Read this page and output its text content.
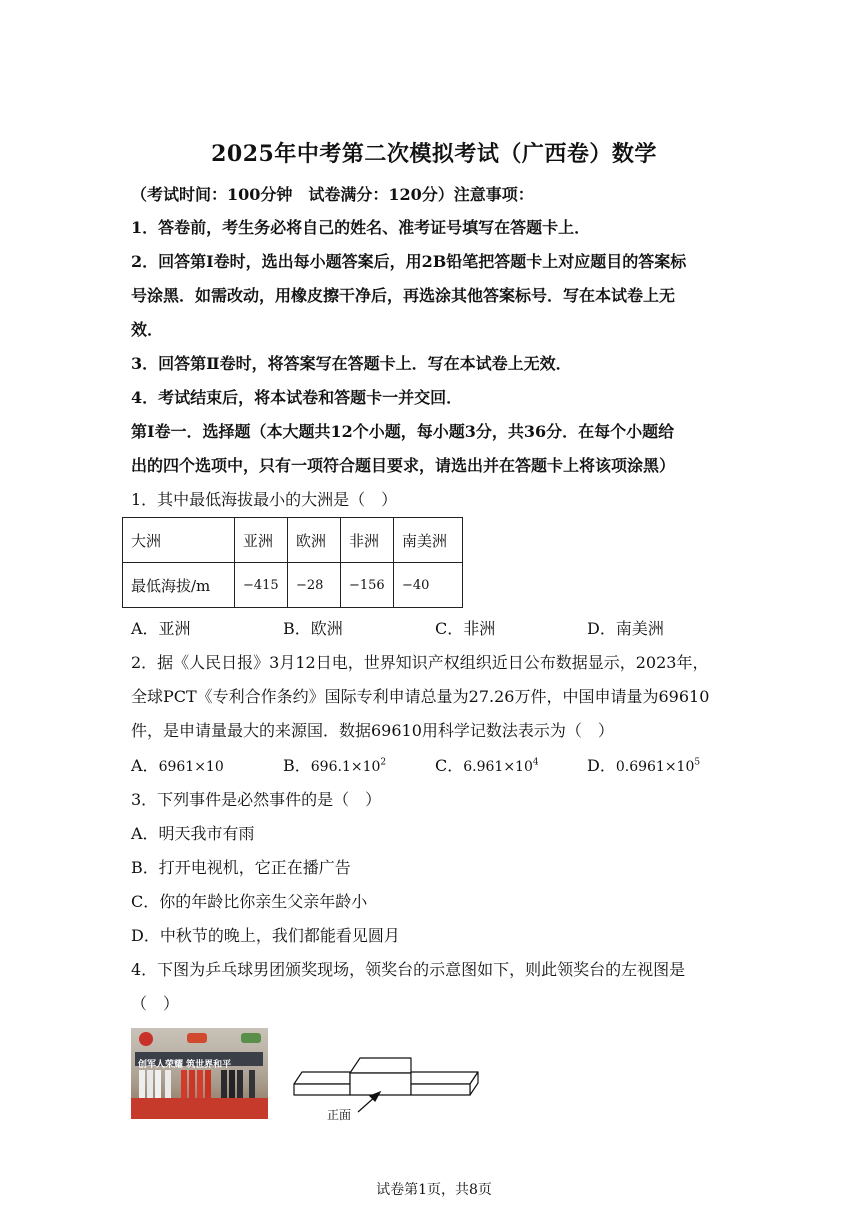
2025年中考第二次模拟考试（广西卷）数学
（考试时间：100分钟　试卷满分：120分）注意事项：
1．答卷前，考生务必将自己的姓名、准考证号填写在答题卡上．
2．回答第Ⅰ卷时，选出每小题答案后，用2B铅笔把答题卡上对应题目的答案标
号涂黑．如需改动，用橡皮擦干净后，再选涂其他答案标号．写在本试卷上无
效．
3．回答第Ⅱ卷时，将答案写在答题卡上．写在本试卷上无效．
4．考试结束后，将本试卷和答题卡一并交回．
第Ⅰ卷一．选择题（本大题共12个小题，每小题3分，共36分．在每个小题给
出的四个选项中，只有一项符合题目要求，请选出并在答题卡上将该项涂黑）
1．其中最低海拔最小的大洲是（　）
大洲	亚洲	欧洲	非洲	南美洲
最低海拔/m	−415	−28	−156	−40
A．亚洲	B．欧洲	C．非洲	D．南美洲
2．据《人民日报》3月12日电，世界知识产权组织近日公布数据显示，2023年，
全球PCT《专利合作条约》国际专利申请总量为27.26万件，中国申请量为69610
件，是申请量最大的来源国．数据69610用科学记数法表示为（　）
A．6961×10	B．$696.1\times 10^2$	C．$6.961\times 10^4$	D．$0.6961\times 10^5$
3．下列事件是必然事件的是（　）
A．明天我市有雨
B．打开电视机，它正在播广告
C．你的年龄比你亲生父亲年龄小
D．中秋节的晚上，我们都能看见圆月
4．下图为乒乓球男团颁奖现场，领奖台的示意图如下，则此领奖台的左视图是
（　）
创军人荣耀 筑世界和平
正面
试卷第1页，共8页
